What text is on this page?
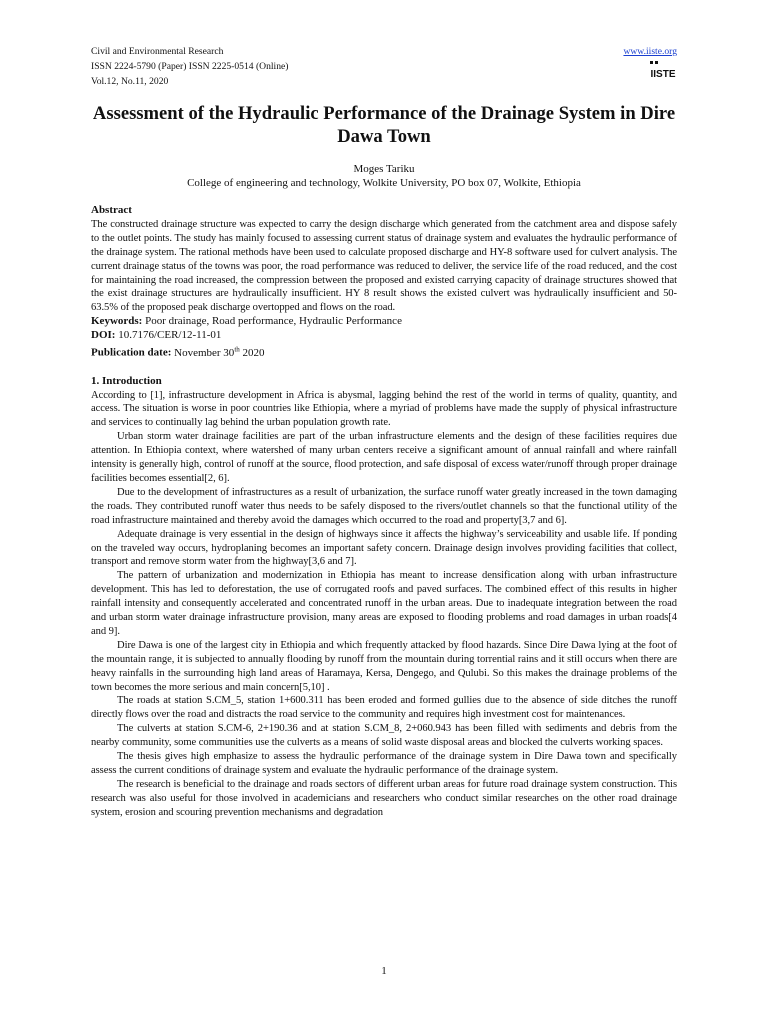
Civil and Environmental Research
ISSN 2224-5790 (Paper) ISSN 2225-0514 (Online)
Vol.12, No.11, 2020
www.iiste.org
IISTE
Assessment of the Hydraulic Performance of the Drainage System in Dire Dawa Town
Moges Tariku
College of engineering and technology, Wolkite University, PO box 07, Wolkite, Ethiopia
Abstract

The constructed drainage structure was expected to carry the design discharge which generated from the catchment area and dispose safely to the outlet points. The study has mainly focused to assessing current status of drainage system and evaluates the hydraulic performance of the drainage system. The rational methods have been used to calculate proposed discharge and HY-8 software used for culvert analysis. The current drainage status of the towns was poor, the road performance was reduced to deliver, the service life of the road reduced, and the cost for maintaining the road increased, the compression between the proposed and existed carrying capacity of drainage structures showed that the exist drainage structures are hydraulically insufficient. HY 8 result shows the existed culvert was hydraulically insufficient and 50-63.5% of the proposed peak discharge overtopped and flows on the road.

Keywords: Poor drainage, Road performance, Hydraulic Performance
DOI: 10.7176/CER/12-11-01
Publication date: November 30th 2020
1. Introduction

According to [1], infrastructure development in Africa is abysmal, lagging behind the rest of the world in terms of quality, quantity, and access. The situation is worse in poor countries like Ethiopia, where a myriad of problems have made the supply of physical infrastructure and services to continually lag behind the urban population growth rate.

Urban storm water drainage facilities are part of the urban infrastructure elements and the design of these facilities requires due attention. In Ethiopia context, where watershed of many urban centers receive a significant amount of annual rainfall and where rainfall intensity is generally high, control of runoff at the source, flood protection, and safe disposal of excess water/runoff through proper drainage facilities becomes essential[2, 6].

Due to the development of infrastructures as a result of urbanization, the surface runoff water greatly increased in the town damaging the roads. They contributed runoff water thus needs to be safely disposed to the rivers/outlet channels so that the functional utility of the road infrastructure maintained and thereby avoid the damages which occurred to the road and property[3,7 and 6].

Adequate drainage is very essential in the design of highways since it affects the highway’s serviceability and usable life. If ponding on the traveled way occurs, hydroplaning becomes an important safety concern. Drainage design involves providing facilities that collect, transport and remove storm water from the highway[3,6 and 7].

The pattern of urbanization and modernization in Ethiopia has meant to increase densification along with urban infrastructure development. This has led to deforestation, the use of corrugated roofs and paved surfaces. The combined effect of this results in higher rainfall intensity and consequently accelerated and concentrated runoff in the urban areas. Due to inadequate integration between the road and urban storm water drainage infrastructure provision, many areas are exposed to flooding problems and road damages in urban roads[4 and 9].

Dire Dawa is one of the largest city in Ethiopia and which frequently attacked by flood hazards. Since Dire Dawa lying at the foot of the mountain range, it is subjected to annually flooding by runoff from the mountain during torrential rains and it still occurs when there are heavy rainfalls in the surrounding high land areas of Haramaya, Kersa, Dengego, and Qulubi. So this makes the drainage problems of the town becomes the more serious and main concern[5,10] .

The roads at station S.CM_5, station 1+600.311 has been eroded and formed gullies due to the absence of side ditches the runoff directly flows over the road and distracts the road service to the community and requires high investment cost for maintenances.

The culverts at station S.CM-6, 2+190.36 and at station S.CM_8, 2+060.943 has been filled with sediments and debris from the nearby community, some communities use the culverts as a means of solid waste disposal areas and blocked the culverts working spaces.

The thesis gives high emphasize to assess the hydraulic performance of the drainage system in Dire Dawa town and specifically assess the current conditions of drainage system and evaluate the hydraulic performance of the drainage system.

The research is beneficial to the drainage and roads sectors of different urban areas for future road drainage system construction. This research was also useful for those involved in academicians and researchers who conduct similar researches on the other road drainage system, erosion and scouring prevention mechanisms and degradation

1
